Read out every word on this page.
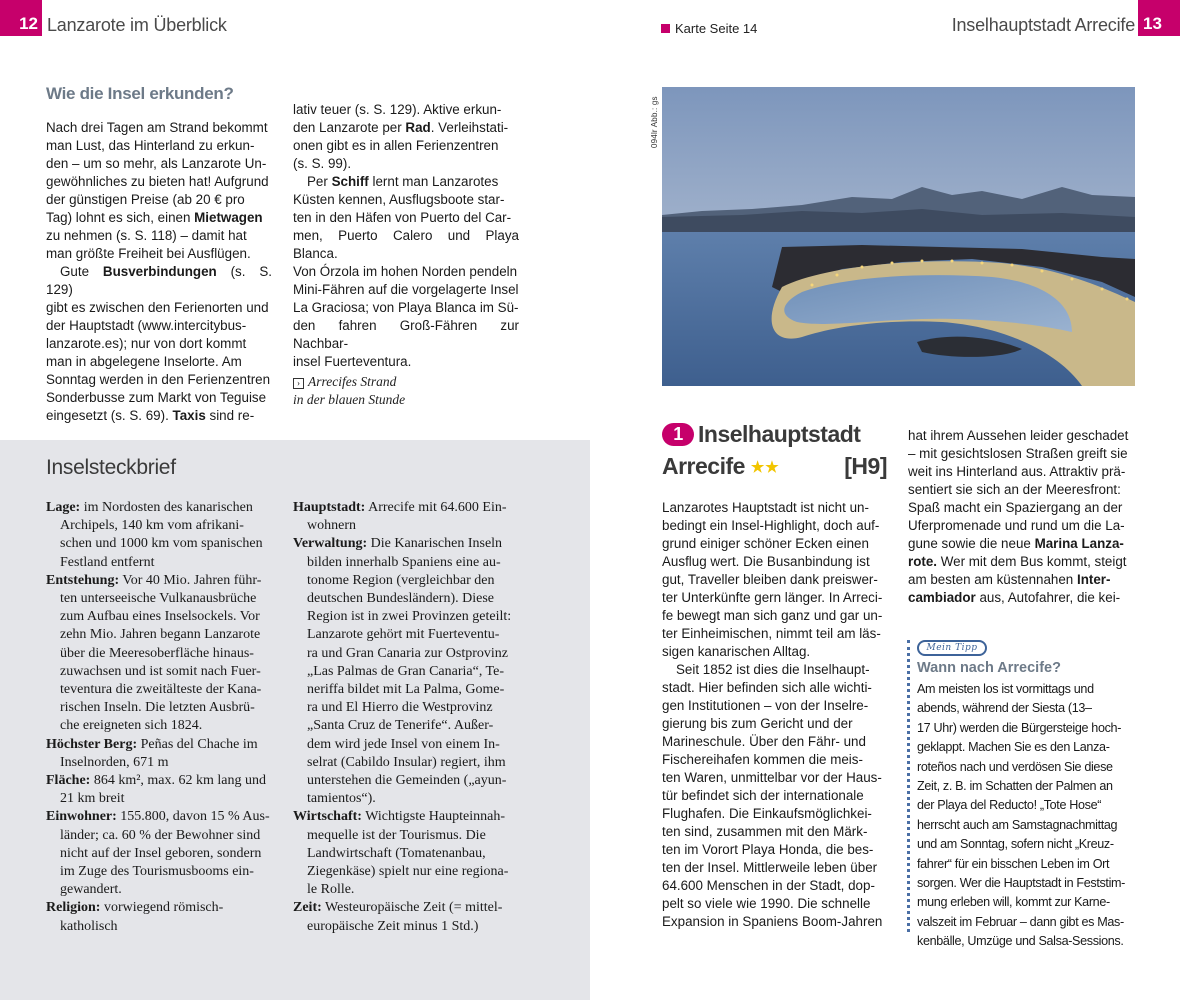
12 Lanzarote im Überblick	Karte Seite 14	Inselhauptstadt Arrecife 13
Wie die Insel erkunden?

Nach drei Tagen am Strand bekommt
man Lust, das Hinterland zu erkun-
den – um so mehr, als Lanzarote Un-
gewöhnliches zu bieten hat! Aufgrund
der günstigen Preise (ab 20 € pro
Tag) lohnt es sich, einen Mietwagen
zu nehmen (s. S. 118) – damit hat
man größte Freiheit bei Ausflügen.

Gute Busverbindungen (s. S. 129)
gibt es zwischen den Ferienorten und
der Hauptstadt (www.intercitybus-
lanzarote.es); nur von dort kommt
man in abgelegene Inselorte. Am
Sonntag werden in den Ferienzentren
Sonderbusse zum Markt von Teguise
eingesetzt (s. S. 69). Taxis sind re-

lativ teuer (s. S. 129). Aktive erkun-
den Lanzarote per Rad. Verleihstati-
onen gibt es in allen Ferienzentren
(s. S. 99).

Per Schiff lernt man Lanzarotes
Küsten kennen, Ausflugsboote star-
ten in den Häfen von Puerto del Car-
men, Puerto Calero und Playa Blanca.
Von Órzola im hohen Norden pendeln
Mini-Fähren auf die vorgelagerte Insel
La Graciosa; von Playa Blanca im Sü-
den fahren Groß-Fähren zur Nachbar-
insel Fuerteventura.

› Arrecifes Strand
in der blauen Stunde
Inselsteckbrief
Lage: im Nordosten des kanarischen
Archipels, 140 km vom afrikani-
schen und 1000 km vom spanischen
Festland entfernt
Entstehung: Vor 40 Mio. Jahren führ-
ten unterseeische Vulkanausbrüche
zum Aufbau eines Inselsockels. Vor
zehn Mio. Jahren begann Lanzarote
über die Meeresoberfläche hinaus-
zuwachsen und ist somit nach Fuer-
teventura die zweitälteste der Kana-
rischen Inseln. Die letzten Ausbrü-
che ereigneten sich 1824.
Höchster Berg: Peñas del Chache im
Inselnorden, 671 m
Fläche: 864 km², max. 62 km lang und
21 km breit
Einwohner: 155.800, davon 15 % Aus-
länder; ca. 60 % der Bewohner sind
nicht auf der Insel geboren, sondern
im Zuge des Tourismusbooms ein-
gewandert.
Religion: vorwiegend römisch-
katholisch
Hauptstadt: Arrecife mit 64.600 Ein-
wohnern
Verwaltung: Die Kanarischen Inseln
bilden innerhalb Spaniens eine au-
tonome Region (vergleichbar den
deutschen Bundesländern). Diese
Region ist in zwei Provinzen geteilt:
Lanzarote gehört mit Fuerteventu-
ra und Gran Canaria zur Ostprovinz
„Las Palmas de Gran Canaria“, Te-
neriffa bildet mit La Palma, Gome-
ra und El Hierro die Westprovinz
„Santa Cruz de Tenerife“. Außer-
dem wird jede Insel von einem In-
selrat (Cabildo Insular) regiert, ihm
unterstehen die Gemeinden („ayun-
tamientos“).
Wirtschaft: Wichtigste Haupteinnah-
mequelle ist der Tourismus. Die
Landwirtschaft (Tomatenanbau,
Ziegenkäse) spielt nur eine regiona-
le Rolle.
Zeit: Westeuropäische Zeit (= mittel-
europäische Zeit minus 1 Std.)
094lr Abb.: gs
1 Inselhauptstadt
Arrecife ★★	[H9]

Lanzarotes Hauptstadt ist nicht un-
bedingt ein Insel-Highlight, doch auf-
grund einiger schöner Ecken einen
Ausflug wert. Die Busanbindung ist
gut, Traveller bleiben dank preiswer-
ter Unterkünfte gern länger. In Arreci-
fe bewegt man sich ganz und gar un-
ter Einheimischen, nimmt teil am läs-
sigen kanarischen Alltag.

Seit 1852 ist dies die Inselhaupt-
stadt. Hier befinden sich alle wichti-
gen Institutionen – von der Inselre-
gierung bis zum Gericht und der
Marineschule. Über den Fähr- und
Fischereihafen kommen die meis-
ten Waren, unmittelbar vor der Haus-
tür befindet sich der internationale
Flughafen. Die Einkaufsmöglichkei-
ten sind, zusammen mit den Märk-
ten im Vorort Playa Honda, die bes-
ten der Insel. Mittlerweile leben über
64.600 Menschen in der Stadt, dop-
pelt so viele wie 1990. Die schnelle
Expansion in Spaniens Boom-Jahren

hat ihrem Aussehen leider geschadet
– mit gesichtslosen Straßen greift sie
weit ins Hinterland aus. Attraktiv prä-
sentiert sie sich an der Meeresfront:
Spaß macht ein Spaziergang an der
Uferpromenade und rund um die La-
gune sowie die neue Marina Lanza-
rote. Wer mit dem Bus kommt, steigt
am besten am küstennahen Inter-
cambiador aus, Autofahrer, die kei-

Mein Tipp
Wann nach Arrecife?
Am meisten los ist vormittags und
abends, während der Siesta (13–
17 Uhr) werden die Bürgersteige hoch-
geklappt. Machen Sie es den Lanza-
roteños nach und verdösen Sie diese
Zeit, z. B. im Schatten der Palmen an
der Playa del Reducto! „Tote Hose“
herrscht auch am Samstagnachmittag
und am Sonntag, sofern nicht „Kreuz-
fahrer“ für ein bisschen Leben im Ort
sorgen. Wer die Hauptstadt in Feststim-
mung erleben will, kommt zur Karne-
valszeit im Februar – dann gibt es Mas-
kenbälle, Umzüge und Salsa-Sessions.
